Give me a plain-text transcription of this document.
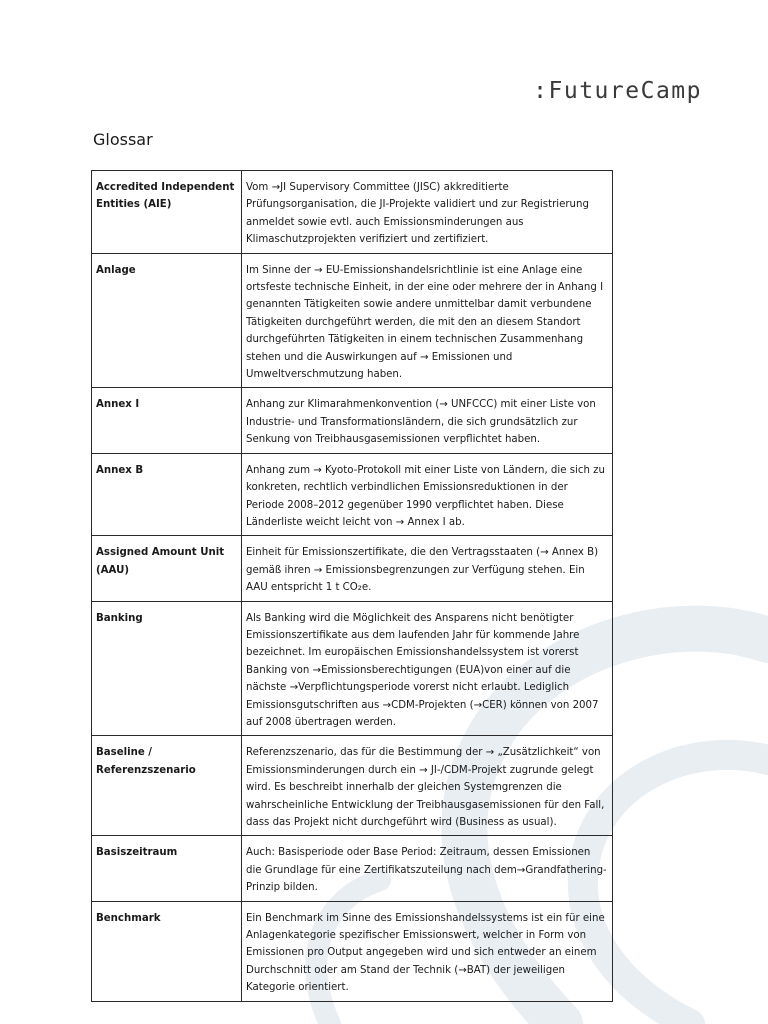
:FutureCamp
Glossar
Accredited Independent Entities (AIE)	Vom →JI Supervisory Committee (JISC) akkreditierte Prüfungsorganisation, die JI-Projekte validiert und zur Registrierung anmeldet sowie evtl. auch Emissionsminderungen aus Klimaschutzprojekten verifiziert und zertifiziert.
Anlage	Im Sinne der → EU-Emissionshandelsrichtlinie ist eine Anlage eine ortsfeste technische Einheit, in der eine oder mehrere der in Anhang I genannten Tätigkeiten sowie andere unmittelbar damit verbundene Tätigkeiten durchgeführt werden, die mit den an diesem Standort durchgeführten Tätigkeiten in einem technischen Zusammenhang stehen und die Auswirkungen auf → Emissionen und Umweltverschmutzung haben.
Annex I	Anhang zur Klimarahmenkonvention (→ UNFCCC) mit einer Liste von Industrie- und Transformationsländern, die sich grundsätzlich zur Senkung von Treibhausgasemissionen verpflichtet haben.
Annex B	Anhang zum → Kyoto-Protokoll mit einer Liste von Ländern, die sich zu konkreten, rechtlich verbindlichen Emissionsreduktionen in der Periode 2008–2012 gegenüber 1990 verpflichtet haben. Diese Länderliste weicht leicht von → Annex I ab.
Assigned Amount Unit (AAU)	Einheit für Emissionszertifikate, die den Vertragsstaaten (→ Annex B) gemäß ihren → Emissionsbegrenzungen zur Verfügung stehen. Ein AAU entspricht 1 t CO₂e.
Banking	Als Banking wird die Möglichkeit des Ansparens nicht benötigter Emissionszertifikate aus dem laufenden Jahr für kommende Jahre bezeichnet. Im europäischen Emissionshandelssystem ist vorerst Banking von →Emissionsberechtigungen (EUA)von einer auf die nächste →Verpflichtungsperiode vorerst nicht erlaubt. Lediglich Emissionsgutschriften aus →CDM-Projekten (→CER) können von 2007 auf 2008 übertragen werden.
Baseline / Referenzszenario	Referenzszenario, das für die Bestimmung der → „Zusätzlichkeit“ von Emissionsminderungen durch ein → JI-/CDM-Projekt zugrunde gelegt wird. Es beschreibt innerhalb der gleichen Systemgrenzen die wahrscheinliche Entwicklung der Treibhausgasemissionen für den Fall, dass das Projekt nicht durchgeführt wird (Business as usual).
Basiszeitraum	Auch: Basisperiode oder Base Period: Zeitraum, dessen Emissionen die Grundlage für eine Zertifikatszuteilung nach dem→Grandfathering-Prinzip bilden.
Benchmark	Ein Benchmark im Sinne des Emissionshandelssystems ist ein für eine Anlagenkategorie spezifischer Emissionswert, welcher in Form von Emissionen pro Output angegeben wird und sich entweder an einem Durchschnitt oder am Stand der Technik (→BAT) der jeweiligen Kategorie orientiert.
